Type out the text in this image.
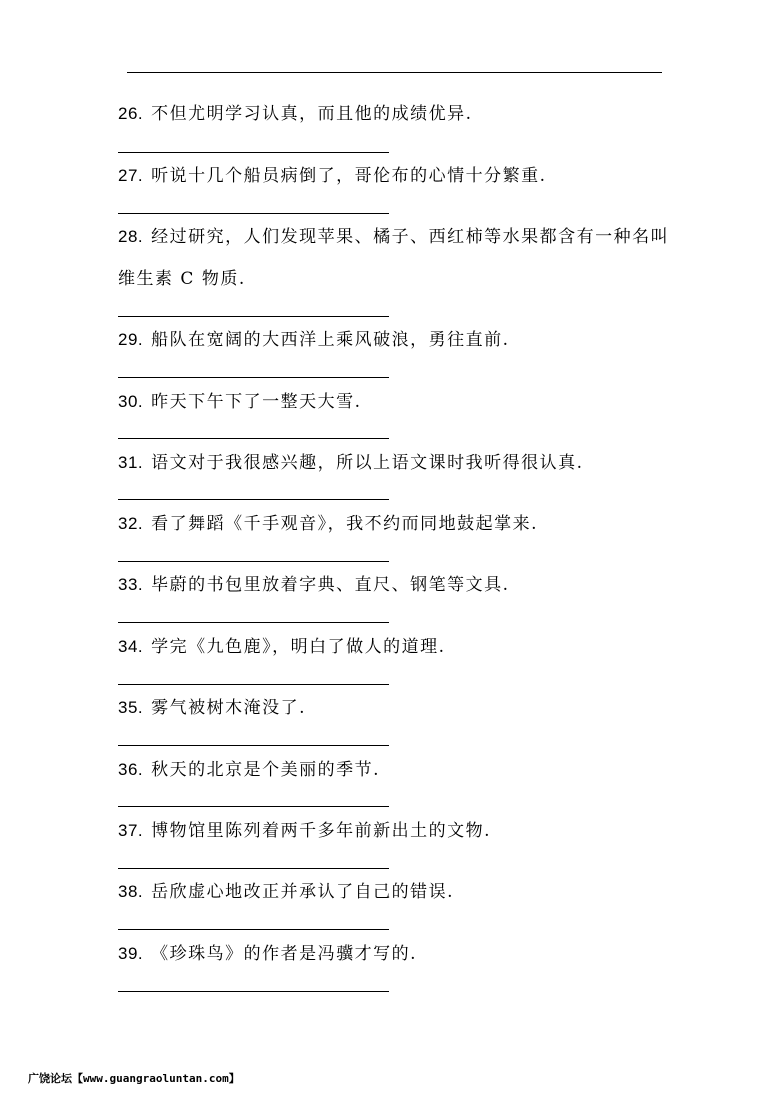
26. 不但尤明学习认真，而且他的成绩优异.
27. 听说十几个船员病倒了，哥伦布的心情十分繁重.
28. 经过研究，人们发现苹果、橘子、西红柿等水果都含有一种名叫
维生素 C 物质.
29. 船队在宽阔的大西洋上乘风破浪，勇往直前.
30. 昨天下午下了一整天大雪.
31. 语文对于我很感兴趣，所以上语文课时我听得很认真.
32. 看了舞蹈《千手观音》，我不约而同地鼓起掌来.
33. 毕蔚的书包里放着字典、直尺、钢笔等文具.
34. 学完《九色鹿》，明白了做人的道理.
35. 雾气被树木淹没了.
36. 秋天的北京是个美丽的季节.
37. 博物馆里陈列着两千多年前新出土的文物.
38. 岳欣虚心地改正并承认了自己的错误.
39. 《珍珠鸟》的作者是冯骥才写的.
广饶论坛【www.guangraoluntan.com】
